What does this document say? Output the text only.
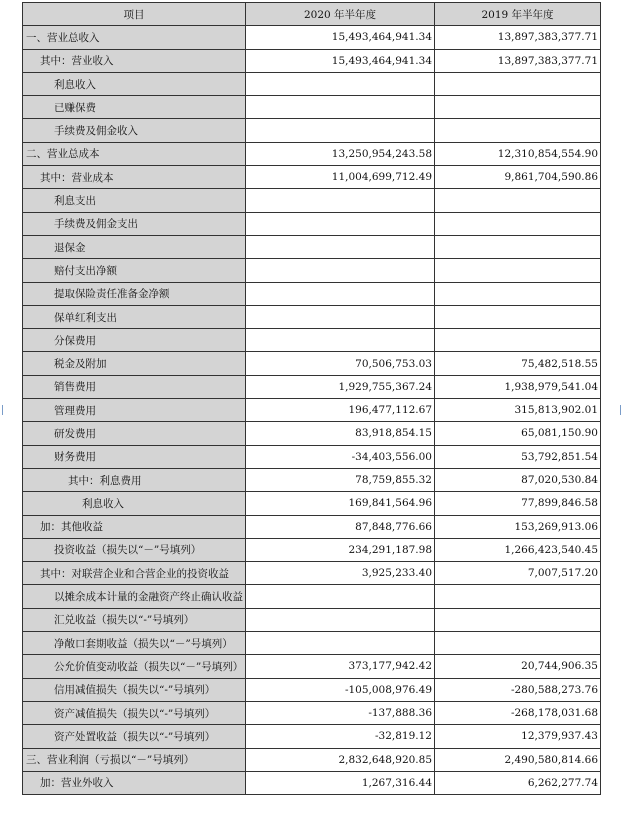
项目	2020 年半年度	2019 年半年度
一、营业总收入	15,493,464,941.34	13,897,383,377.71
其中：营业收入	15,493,464,941.34	13,897,383,377.71
利息收入		
已赚保费		
手续费及佣金收入		
二、营业总成本	13,250,954,243.58	12,310,854,554.90
其中：营业成本	11,004,699,712.49	9,861,704,590.86
利息支出		
手续费及佣金支出		
退保金		
赔付支出净额		
提取保险责任准备金净额		
保单红利支出		
分保费用		
税金及附加	70,506,753.03	75,482,518.55
销售费用	1,929,755,367.24	1,938,979,541.04
管理费用	196,477,112.67	315,813,902.01
研发费用	83,918,854.15	65,081,150.90
财务费用	-34,403,556.00	53,792,851.54
其中：利息费用	78,759,855.32	87,020,530.84
利息收入	169,841,564.96	77,899,846.58
加：其他收益	87,848,776.66	153,269,913.06
投资收益（损失以“－”号填列）	234,291,187.98	1,266,423,540.45
其中：对联营企业和合营企业的投资收益	3,925,233.40	7,007,517.20
以摊余成本计量的金融资产终止确认收益		
汇兑收益（损失以“-”号填列）		
净敞口套期收益（损失以“－”号填列）		
公允价值变动收益（损失以“－”号填列）	373,177,942.42	20,744,906.35
信用减值损失（损失以“-”号填列）	-105,008,976.49	-280,588,273.76
资产减值损失（损失以“-”号填列）	-137,888.36	-268,178,031.68
资产处置收益（损失以“-”号填列）	-32,819.12	12,379,937.43
三、营业利润（亏损以“－”号填列）	2,832,648,920.85	2,490,580,814.66
加：营业外收入	1,267,316.44	6,262,277.74
